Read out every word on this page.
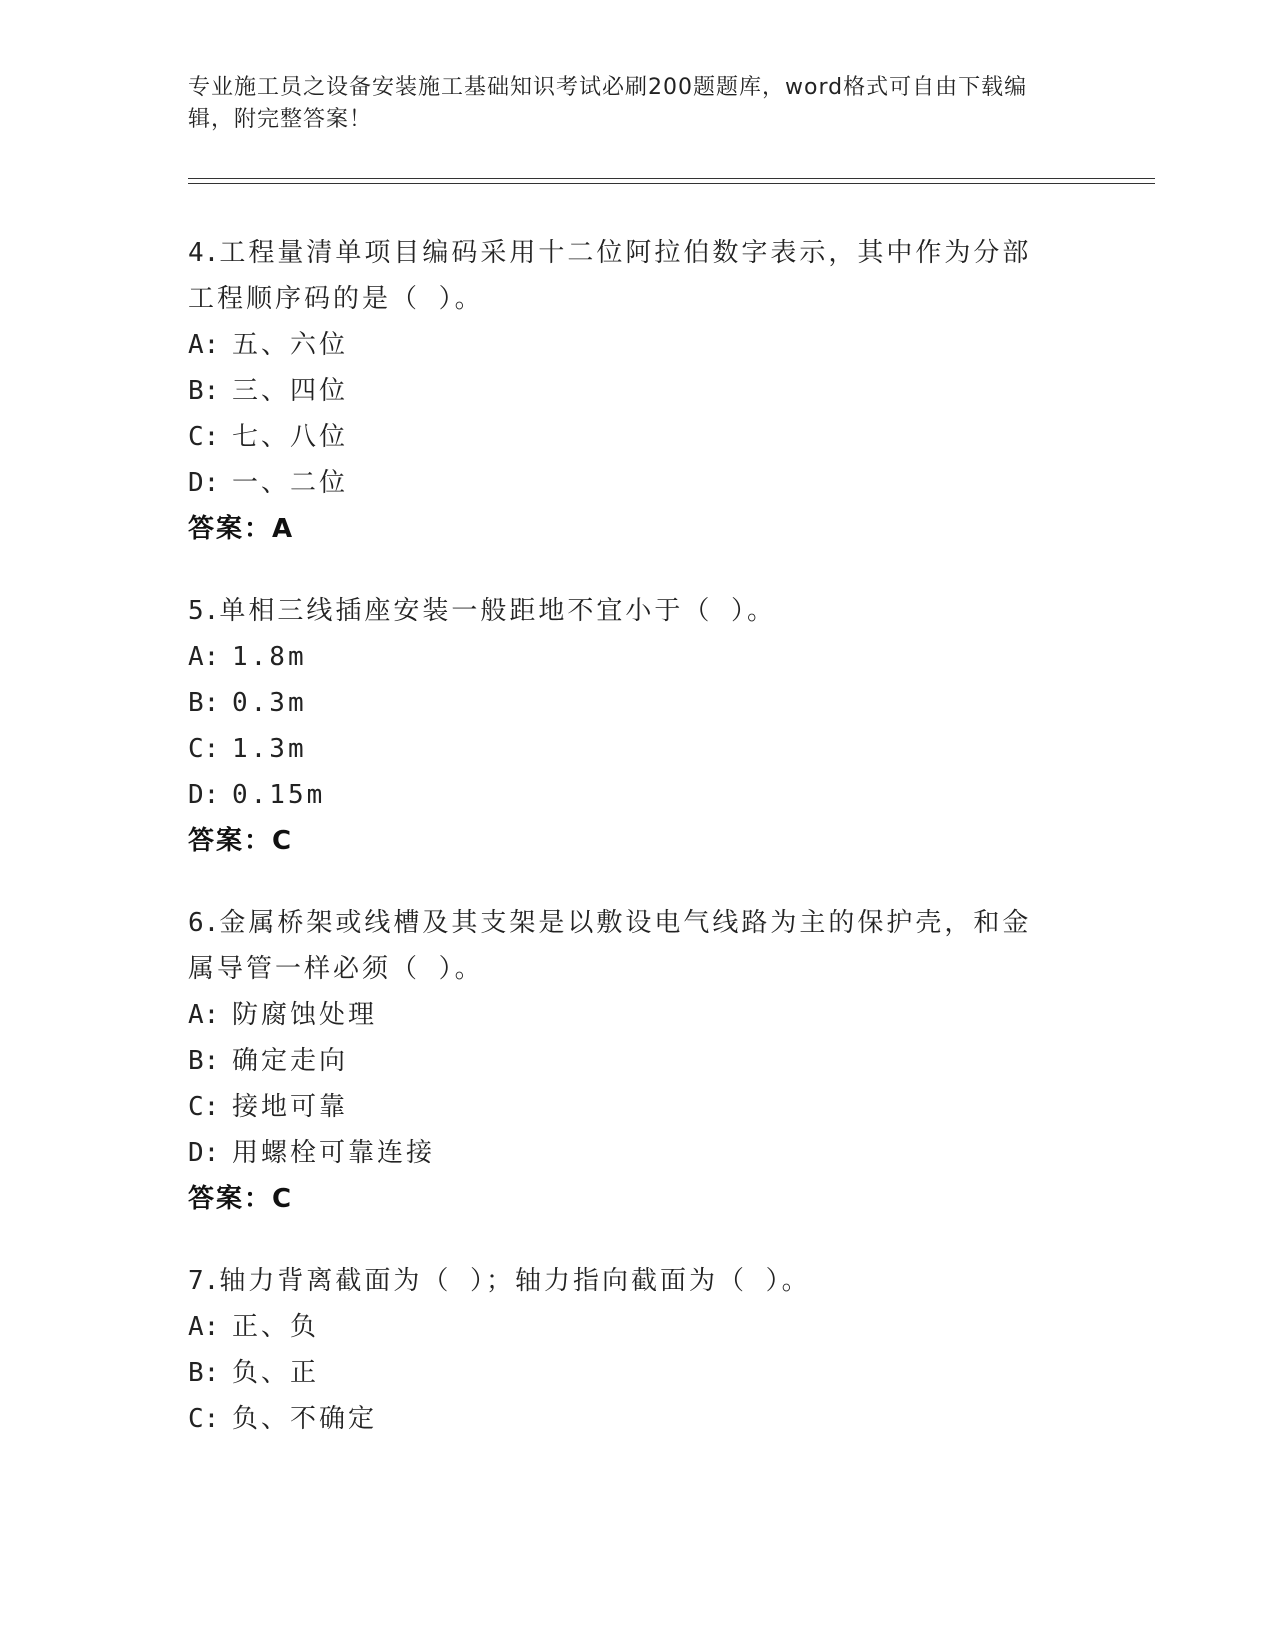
专业施工员之设备安装施工基础知识考试必刷200题题库，word格式可自由下载编辑，附完整答案！

4.工程量清单项目编码采用十二位阿拉伯数字表示，其中作为分部工程顺序码的是（ ）。

A: 五、六位

B: 三、四位

C: 七、八位

D: 一、二位

答案：A

5.单相三线插座安装一般距地不宜小于（ ）。

A: 1.8m

B: 0.3m

C: 1.3m

D: 0.15m

答案：C

6.金属桥架或线槽及其支架是以敷设电气线路为主的保护壳，和金属导管一样必须（ ）。

A: 防腐蚀处理

B: 确定走向

C: 接地可靠

D: 用螺栓可靠连接

答案：C

7.轴力背离截面为（ ）；轴力指向截面为（ ）。

A: 正、负

B: 负、正

C: 负、不确定
